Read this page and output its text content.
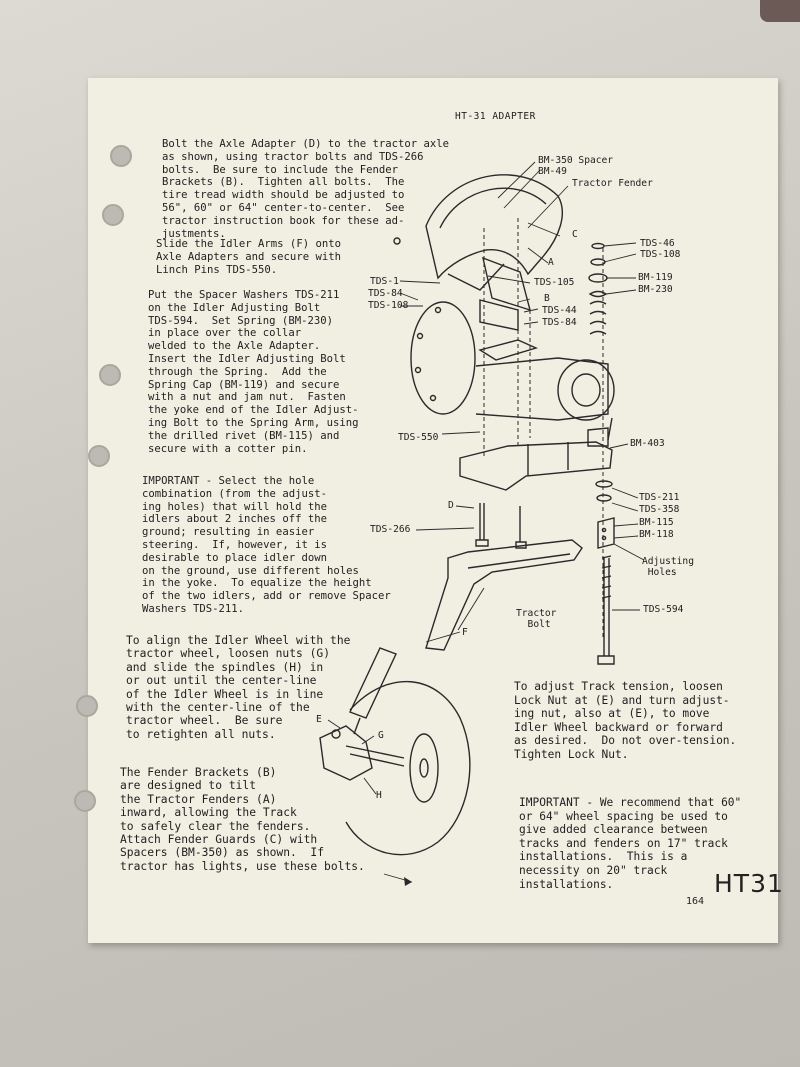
HT-31 ADAPTER
Bolt the Axle Adapter (D) to the tractor axle
as shown, using tractor bolts and TDS-266
bolts.  Be sure to include the Fender
Brackets (B).  Tighten all bolts.  The
tire tread width should be adjusted to
56", 60" or 64" center-to-center.  See
tractor instruction book for these ad-
justments.
Slide the Idler Arms (F) onto
Axle Adapters and secure with
Linch Pins TDS-550.
Put the Spacer Washers TDS-211
on the Idler Adjusting Bolt
TDS-594.  Set Spring (BM-230)
in place over the collar
welded to the Axle Adapter.
Insert the Idler Adjusting Bolt
through the Spring.  Add the
Spring Cap (BM-119) and secure
with a nut and jam nut.  Fasten
the yoke end of the Idler Adjust-
ing Bolt to the Spring Arm, using
the drilled rivet (BM-115) and
secure with a cotter pin.
IMPORTANT - Select the hole
combination (from the adjust-
ing holes) that will hold the
idlers about 2 inches off the
ground; resulting in easier
steering.  If, however, it is
desirable to place idler down
on the ground, use different holes
in the yoke.  To equalize the height
of the two idlers, add or remove Spacer
Washers TDS-211.
To align the Idler Wheel with the
tractor wheel, loosen nuts (G)
and slide the spindles (H) in
or out until the center-line
of the Idler Wheel is in line
with the center-line of the
tractor wheel.  Be sure
to retighten all nuts.
The Fender Brackets (B)
are designed to tilt
the Tractor Fenders (A)
inward, allowing the Track
to safely clear the fenders.
Attach Fender Guards (C) with
Spacers (BM-350) as shown.  If
tractor has lights, use these bolts.
To adjust Track tension, loosen
Lock Nut at (E) and turn adjust-
ing nut, also at (E), to move
Idler Wheel backward or forward
as desired.  Do not over-tension.
Tighten Lock Nut.
IMPORTANT - We recommend that 60"
or 64" wheel spacing be used to
give added clearance between
tracks and fenders on 17" track
installations.  This is a
necessity on 20" track
installations.
BM-350 Spacer
BM-49
Tractor Fender
C
A
TDS-46
TDS-108
BM-119
BM-230
TDS-1
TDS-84
TDS-108
TDS-105
B
TDS-44
TDS-84
TDS-550
BM-403
D
TDS-211
TDS-358
BM-115
BM-118
Adjusting
Holes
TDS-266
Tractor
Bolt
TDS-594
F
E
G
H
164
HT31
